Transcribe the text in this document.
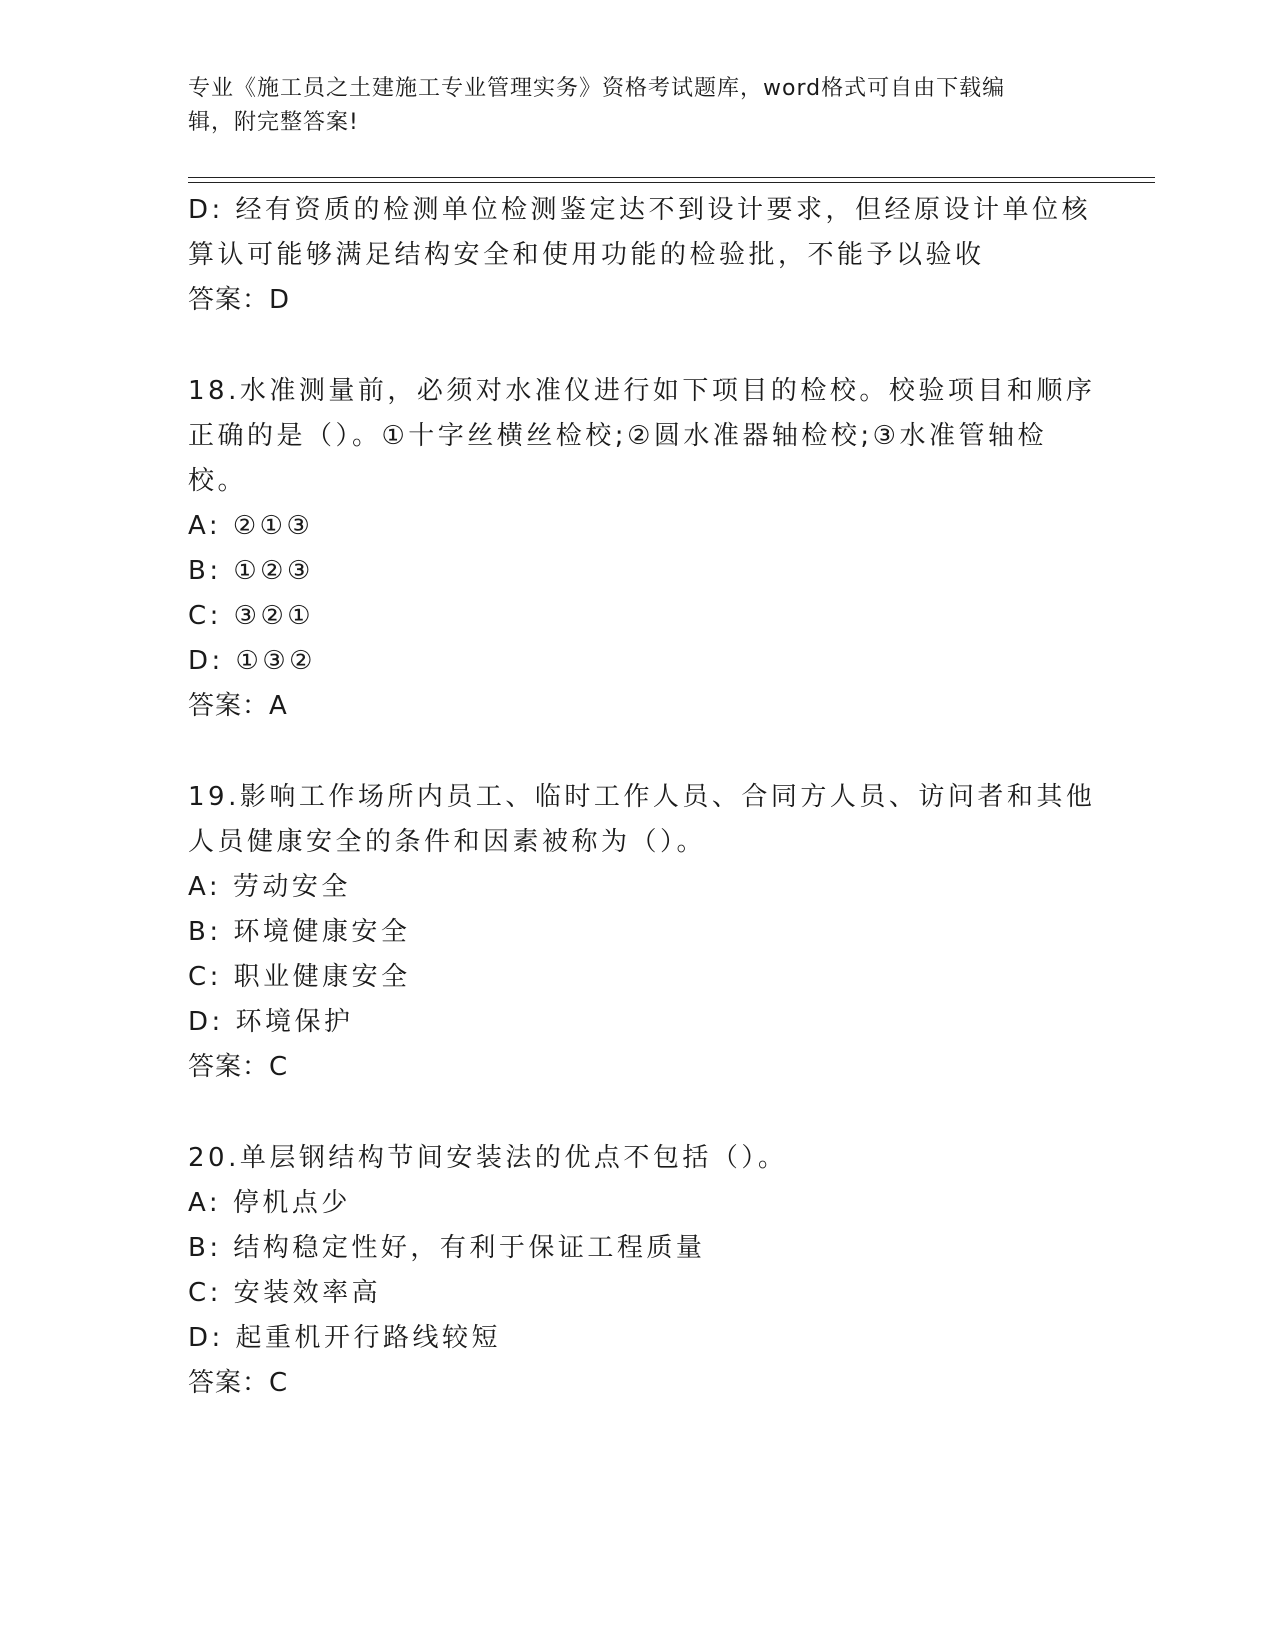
专业《施工员之土建施工专业管理实务》资格考试题库，word格式可自由下载编
辑，附完整答案!
D: 经有资质的检测单位检测鉴定达不到设计要求，但经原设计单位核
算认可能够满足结构安全和使用功能的检验批，不能予以验收
答案：D
18.水准测量前，必须对水准仪进行如下项目的检校。校验项目和顺序
正确的是（）。①十字丝横丝检校;②圆水准器轴检校;③水准管轴检
校。
A: ②①③
B: ①②③
C: ③②①
D: ①③②
答案：A
19.影响工作场所内员工、临时工作人员、合同方人员、访问者和其他
人员健康安全的条件和因素被称为（）。
A: 劳动安全
B: 环境健康安全
C: 职业健康安全
D: 环境保护
答案：C
20.单层钢结构节间安装法的优点不包括（）。
A: 停机点少
B: 结构稳定性好，有利于保证工程质量
C: 安装效率高
D: 起重机开行路线较短
答案：C
